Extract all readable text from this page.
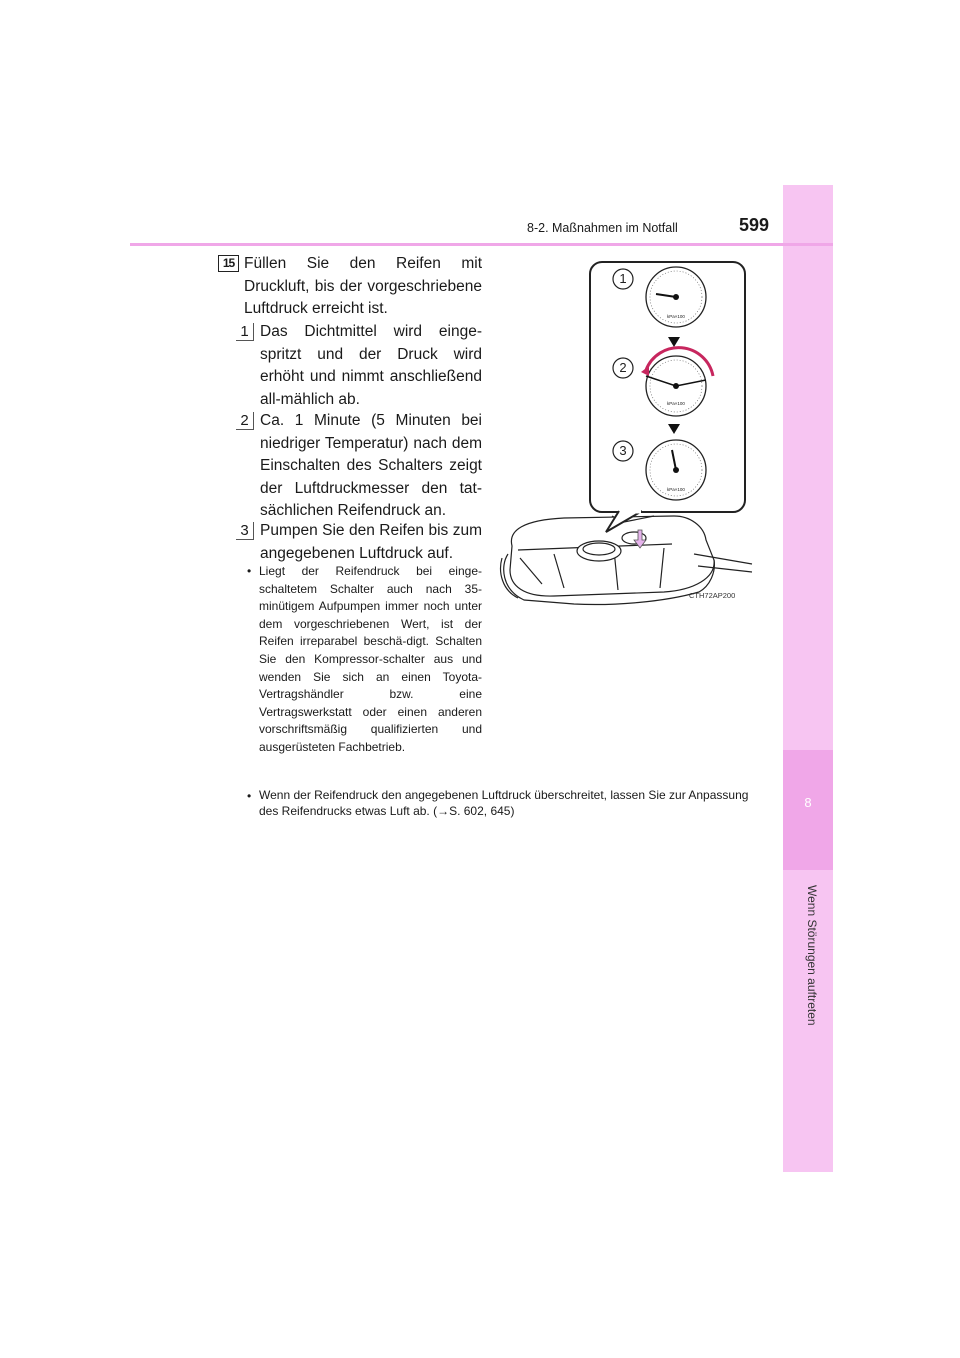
8
Wenn Störungen auftreten
8-2. Maßnahmen im Notfall	599
15 Füllen Sie den Reifen mit Druckluft, bis der vorgeschriebene Luftdruck erreicht ist.
1 Das Dichtmittel wird einge-spritzt und der Druck wird erhöht und nimmt anschließend all-mählich ab.
2 Ca. 1 Minute (5 Minuten bei niedriger Temperatur) nach dem Einschalten des Schalters zeigt der Luftdruckmesser den tat-sächlichen Reifendruck an.
3 Pumpen Sie den Reifen bis zum angegebenen Luftdruck auf.
• Liegt der Reifendruck bei einge-schaltetem Schalter auch nach 35-minütigem Aufpumpen immer noch unter dem vorgeschriebenen Wert, ist der Reifen irreparabel beschä-digt. Schalten Sie den Kompressor-schalter aus und wenden Sie sich an einen Toyota-Vertragshändler bzw. eine Vertragswerkstatt oder einen anderen vorschriftsmäßig qualifizierten und ausgerüsteten Fachbetrieb.
• Wenn der Reifendruck den angegebenen Luftdruck überschreitet, lassen Sie zur Anpassung des Reifendrucks etwas Luft ab. (→S. 602, 645)
1
2
3
kPa×100
kPa×100
kPa×100
CTH72AP200
